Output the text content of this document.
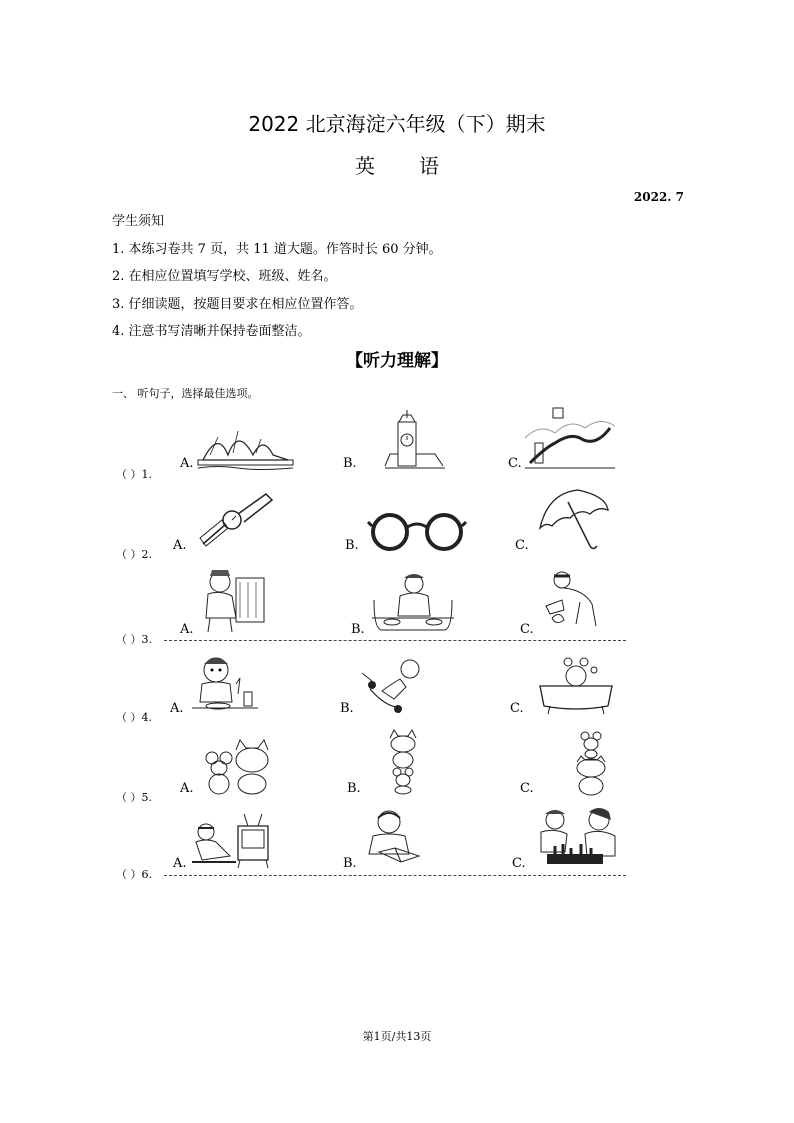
2022 北京海淀六年级（下）期末
英 语
2022. 7
学生须知
1. 本练习卷共 7 页，共 11 道大题。作答时长 60 分钟。
2. 在相应位置填写学校、班级、姓名。
3. 仔细读题，按题目要求在相应位置作答。
4. 注意书写清晰并保持卷面整洁。
【听力理解】
一、 听句子，选择最佳选项。
（ ）1.
A.	B.	C.
（ ）2.
A.	B.	C.
（ ）3.
A.	B.	C.
（ ）4.
A.	B.	C.
（ ）5.
A.	B.	C.
（ ）6.
A.	B.	C.
第1页/共13页
